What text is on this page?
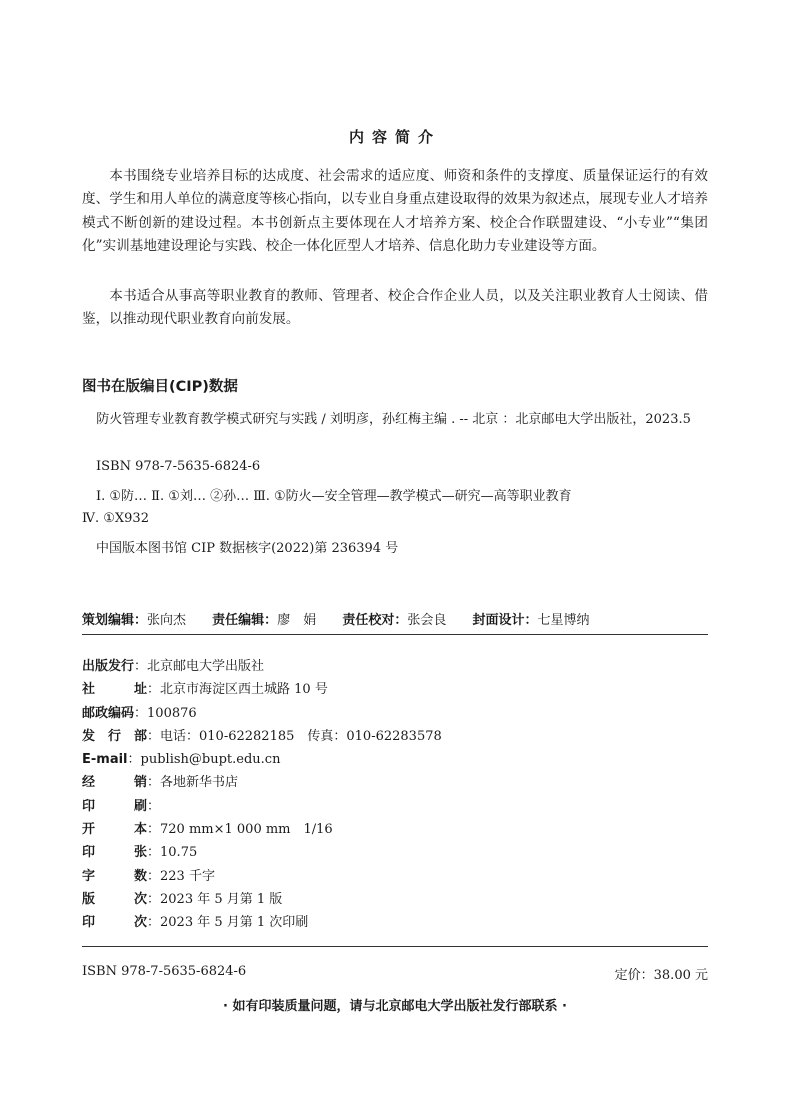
内容简介

本书围绕专业培养目标的达成度、社会需求的适应度、师资和条件的支撑度、质量保证运行的有效度、学生和用人单位的满意度等核心指向，以专业自身重点建设取得的效果为叙述点，展现专业人才培养模式不断创新的建设过程。本书创新点主要体现在人才培养方案、校企合作联盟建设、“小专业”“集团化”实训基地建设理论与实践、校企一体化匠型人才培养、信息化助力专业建设等方面。

本书适合从事高等职业教育的教师、管理者、校企合作企业人员，以及关注职业教育人士阅读、借鉴，以推动现代职业教育向前发展。

图书在版编目(CIP)数据

防火管理专业教育教学模式研究与实践 / 刘明彦，孙红梅主编 . -- 北京 ：北京邮电大学出版社，2023.5

ISBN 978-7-5635-6824-6

Ⅰ. ①防… Ⅱ. ①刘… ②孙… Ⅲ. ①防火—安全管理—教学模式—研究—高等职业教育
Ⅳ. ①X932

中国版本图书馆 CIP 数据核字(2022)第 236394 号

策划编辑：张向杰 责任编辑：廖　娟 责任校对：张会良 封面设计：七星博纳
出版发行：北京邮电大学出版社
社址：北京市海淀区西土城路 10 号
邮政编码：100876
发行部：电话：010-62282185　传真：010-62283578
E-mail：publish@bupt.edu.cn
经销：各地新华书店
印刷：
开本：720 mm×1 000 mm　1/16
印张：10.75
字数：223 千字
版次：2023 年 5 月第 1 版
印次：2023 年 5 月第 1 次印刷
ISBN 978-7-5635-6824-6	定价：38.00 元
· 如有印装质量问题，请与北京邮电大学出版社发行部联系 ·
